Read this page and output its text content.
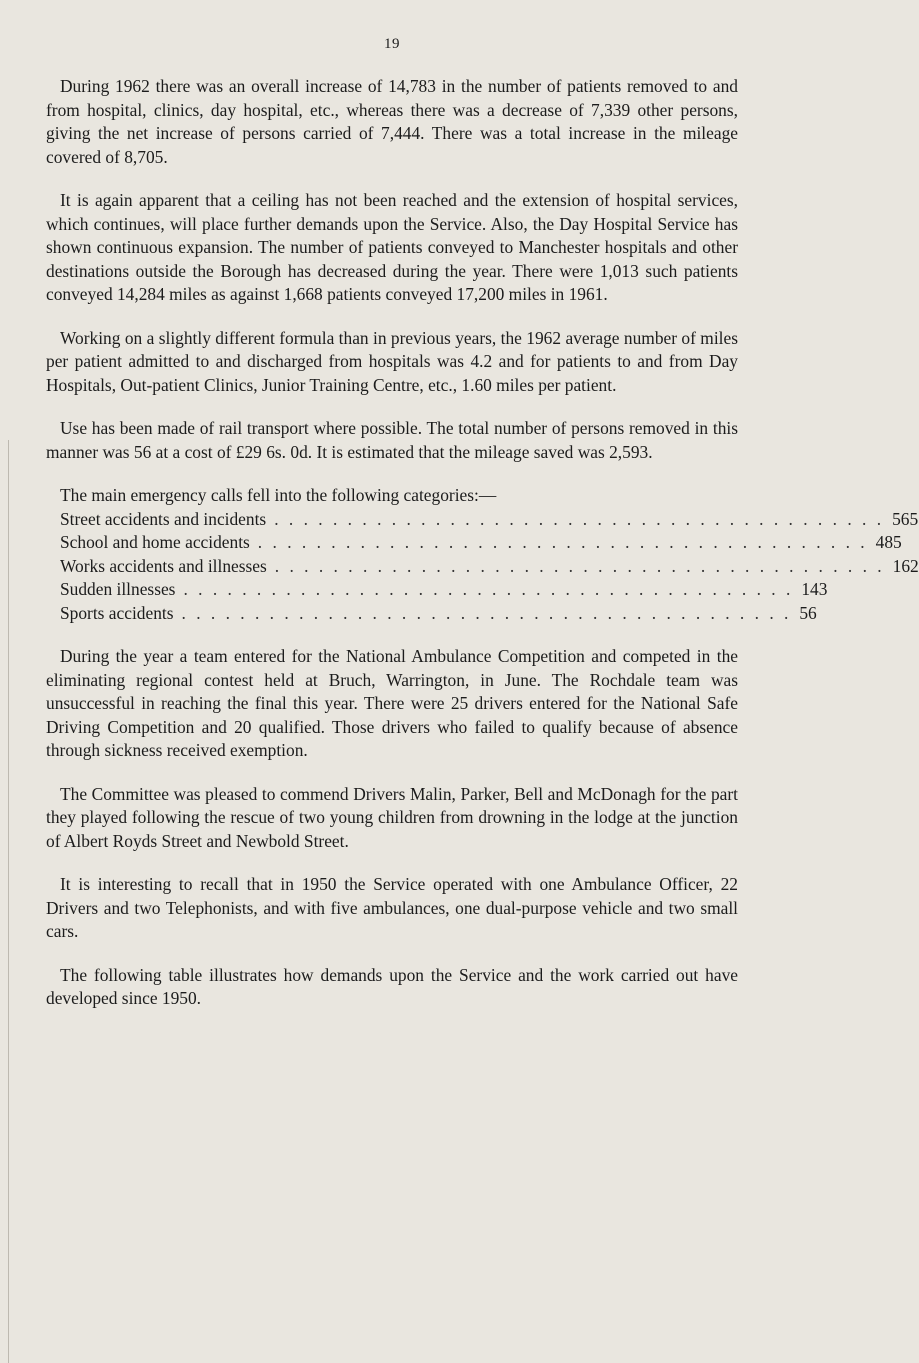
19

During 1962 there was an overall increase of 14,783 in the number of patients removed to and from hospital, clinics, day hospital, etc., whereas there was a decrease of 7,339 other persons, giving the net increase of persons carried of 7,444. There was a total increase in the mileage covered of 8,705.

It is again apparent that a ceiling has not been reached and the extension of hospital services, which continues, will place further demands upon the Service. Also, the Day Hospital Service has shown continuous expansion. The number of patients conveyed to Manchester hospitals and other destinations outside the Borough has decreased during the year. There were 1,013 such patients conveyed 14,284 miles as against 1,668 patients conveyed 17,200 miles in 1961.

Working on a slightly different formula than in previous years, the 1962 average number of miles per patient admitted to and discharged from hospitals was 4.2 and for patients to and from Day Hospitals, Out-patient Clinics, Junior Training Centre, etc., 1.60 miles per patient.

Use has been made of rail transport where possible. The total number of persons removed in this manner was 56 at a cost of £29 6s. 0d. It is estimated that the mileage saved was 2,593.

The main emergency calls fell into the following categories:—
Street accidents and incidents . . . . . . . . . . . . . . . . . . . . . . . . . . . . . . . . . . . . . . . . . . 565
School and home accidents . . . . . . . . . . . . . . . . . . . . . . . . . . . . . . . . . . . . . . . . . . 485
Works accidents and illnesses . . . . . . . . . . . . . . . . . . . . . . . . . . . . . . . . . . . . . . . . . . 162
Sudden illnesses . . . . . . . . . . . . . . . . . . . . . . . . . . . . . . . . . . . . . . . . . . 143
Sports accidents . . . . . . . . . . . . . . . . . . . . . . . . . . . . . . . . . . . . . . . . . . 56

During the year a team entered for the National Ambulance Competition and competed in the eliminating regional contest held at Bruch, Warrington, in June. The Rochdale team was unsuccessful in reaching the final this year. There were 25 drivers entered for the National Safe Driving Competition and 20 qualified. Those drivers who failed to qualify because of absence through sickness received exemption.

The Committee was pleased to commend Drivers Malin, Parker, Bell and McDonagh for the part they played following the rescue of two young children from drowning in the lodge at the junction of Albert Royds Street and Newbold Street.

It is interesting to recall that in 1950 the Service operated with one Ambulance Officer, 22 Drivers and two Telephonists, and with five ambulances, one dual-purpose vehicle and two small cars.

The following table illustrates how demands upon the Service and the work carried out have developed since 1950.
